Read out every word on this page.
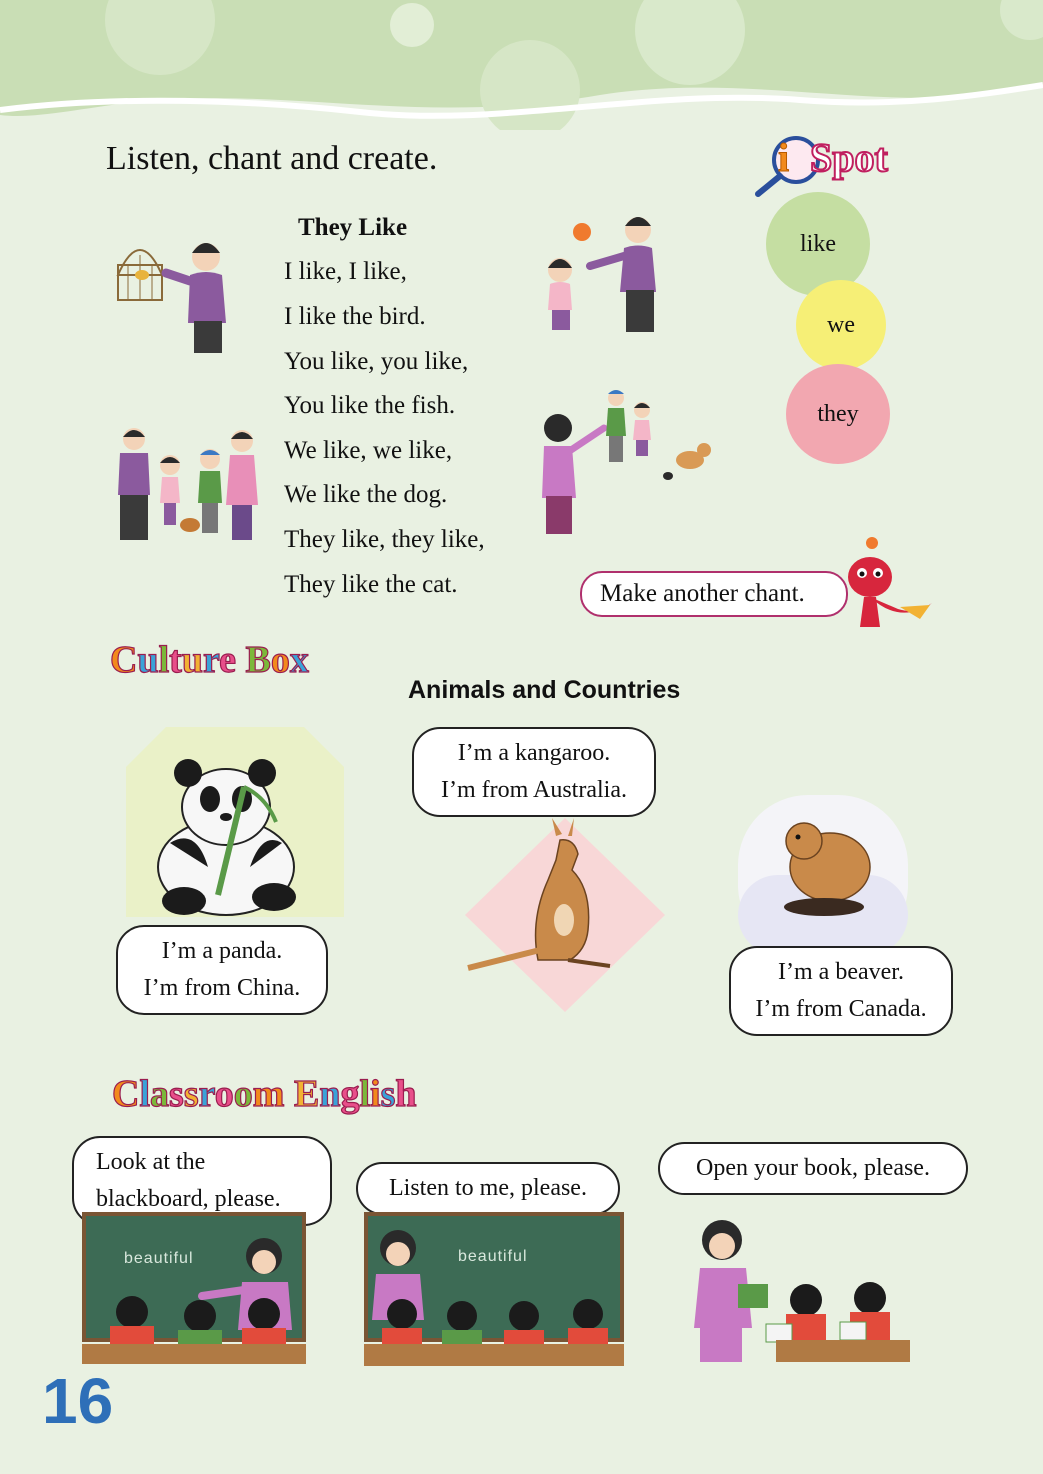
Listen, chant and create.	i Spot
like
we
they
They Like
I like, I like,
I like the bird.
You like, you like,
You like the fish.
We like, we like,
We like the dog.
They like, they like,
They like the cat.	Make another chant.
Culture Box
Animals and Countries
I’m a panda.
I’m from China.
I’m a kangaroo.
I’m from Australia.
I’m a beaver.
I’m from Canada.
Classroom English
Look at the
blackboard, please.	Listen to me, please.
Open your book, please.
beautiful	beautiful
16
